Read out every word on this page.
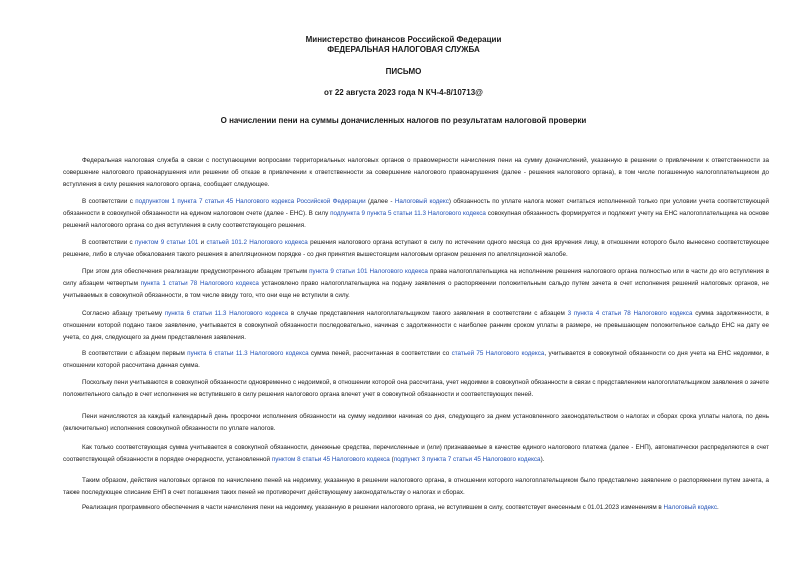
Министерство финансов Российской Федерации

ФЕДЕРАЛЬНАЯ НАЛОГОВАЯ СЛУЖБА

ПИСЬМО

от 22 августа 2023 года N КЧ-4-8/10713@

О начислении пени на суммы доначисленных налогов по результатам налоговой проверки

Федеральная налоговая служба в связи с поступающими вопросами территориальных налоговых органов о правомерности начисления пени на сумму доначислений, указанную в решении о привлечении к ответственности за совершение налогового правонарушения или решении об отказе в привлечении к ответственности за совершение налогового правонарушения (далее - решения налогового органа), в том числе погашенную налогоплательщиком до вступления в силу решения налогового органа, сообщает следующее.

В соответствии с подпунктом 1 пункта 7 статьи 45 Налогового кодекса Российской Федерации (далее - Налоговый кодекс) обязанность по уплате налога может считаться исполненной только при условии учета соответствующей обязанности в совокупной обязанности на едином налоговом счете (далее - ЕНС). В силу подпункта 9 пункта 5 статьи 11.3 Налогового кодекса совокупная обязанность формируется и подлежит учету на ЕНС налогоплательщика на основе решений налогового органа со дня вступления в силу соответствующего решения.

В соответствии с пунктом 9 статьи 101 и статьей 101.2 Налогового кодекса решения налогового органа вступают в силу по истечении одного месяца со дня вручения лицу, в отношении которого было вынесено соответствующее решение, либо в случае обжалования такого решения в апелляционном порядке - со дня принятия вышестоящим налоговым органом решения по апелляционной жалобе.

При этом для обеспечения реализации предусмотренного абзацем третьим пункта 9 статьи 101 Налогового кодекса права налогоплательщика на исполнение решения налогового органа полностью или в части до его вступления в силу абзацем четвертым пункта 1 статьи 78 Налогового кодекса установлено право налогоплательщика на подачу заявления о распоряжении положительным сальдо путем зачета в счет исполнения решений налоговых органов, не учитываемых в совокупной обязанности, в том числе ввиду того, что они еще не вступили в силу.

Согласно абзацу третьему пункта 6 статьи 11.3 Налогового кодекса в случае представления налогоплательщиком такого заявления в соответствии с абзацем 3 пункта 4 статьи 78 Налогового кодекса сумма задолженности, в отношении которой подано такое заявление, учитывается в совокупной обязанности последовательно, начиная с задолженности с наиболее ранним сроком уплаты в размере, не превышающем положительное сальдо ЕНС на дату ее учета, со дня, следующего за днем представления заявления.

В соответствии с абзацем первым пункта 6 статьи 11.3 Налогового кодекса сумма пеней, рассчитанная в соответствии со статьей 75 Налогового кодекса, учитывается в совокупной обязанности со дня учета на ЕНС недоимки, в отношении которой рассчитана данная сумма.

Поскольку пени учитываются в совокупной обязанности одновременно с недоимкой, в отношении которой она рассчитана, учет недоимки в совокупной обязанности в связи с представлением налогоплательщиком заявления о зачете положительного сальдо в счет исполнения не вступившего в силу решения налогового органа влечет учет в совокупной обязанности и соответствующих пеней.

Пени начисляются за каждый календарный день просрочки исполнения обязанности на сумму недоимки начиная со дня, следующего за днем установленного законодательством о налогах и сборах срока уплаты налога, по день (включительно) исполнения совокупной обязанности по уплате налогов.

Как только соответствующая сумма учитывается в совокупной обязанности, денежные средства, перечисленные и (или) признаваемые в качестве единого налогового платежа (далее - ЕНП), автоматически распределяются в счет соответствующей обязанности в порядке очередности, установленной пунктом 8 статьи 45 Налогового кодекса (подпункт 3 пункта 7 статьи 45 Налогового кодекса).

Таким образом, действия налоговых органов по начислению пеней на недоимку, указанную в решении налогового органа, в отношении которого налогоплательщиком было представлено заявление о распоряжении путем зачета, а также последующее списание ЕНП в счет погашения таких пеней не противоречит действующему законодательству о налогах и сборах.

Реализация программного обеспечения в части начисления пени на недоимку, указанную в решении налогового органа, не вступившем в силу, соответствует внесенным с 01.01.2023 изменениям в Налоговый кодекс.
